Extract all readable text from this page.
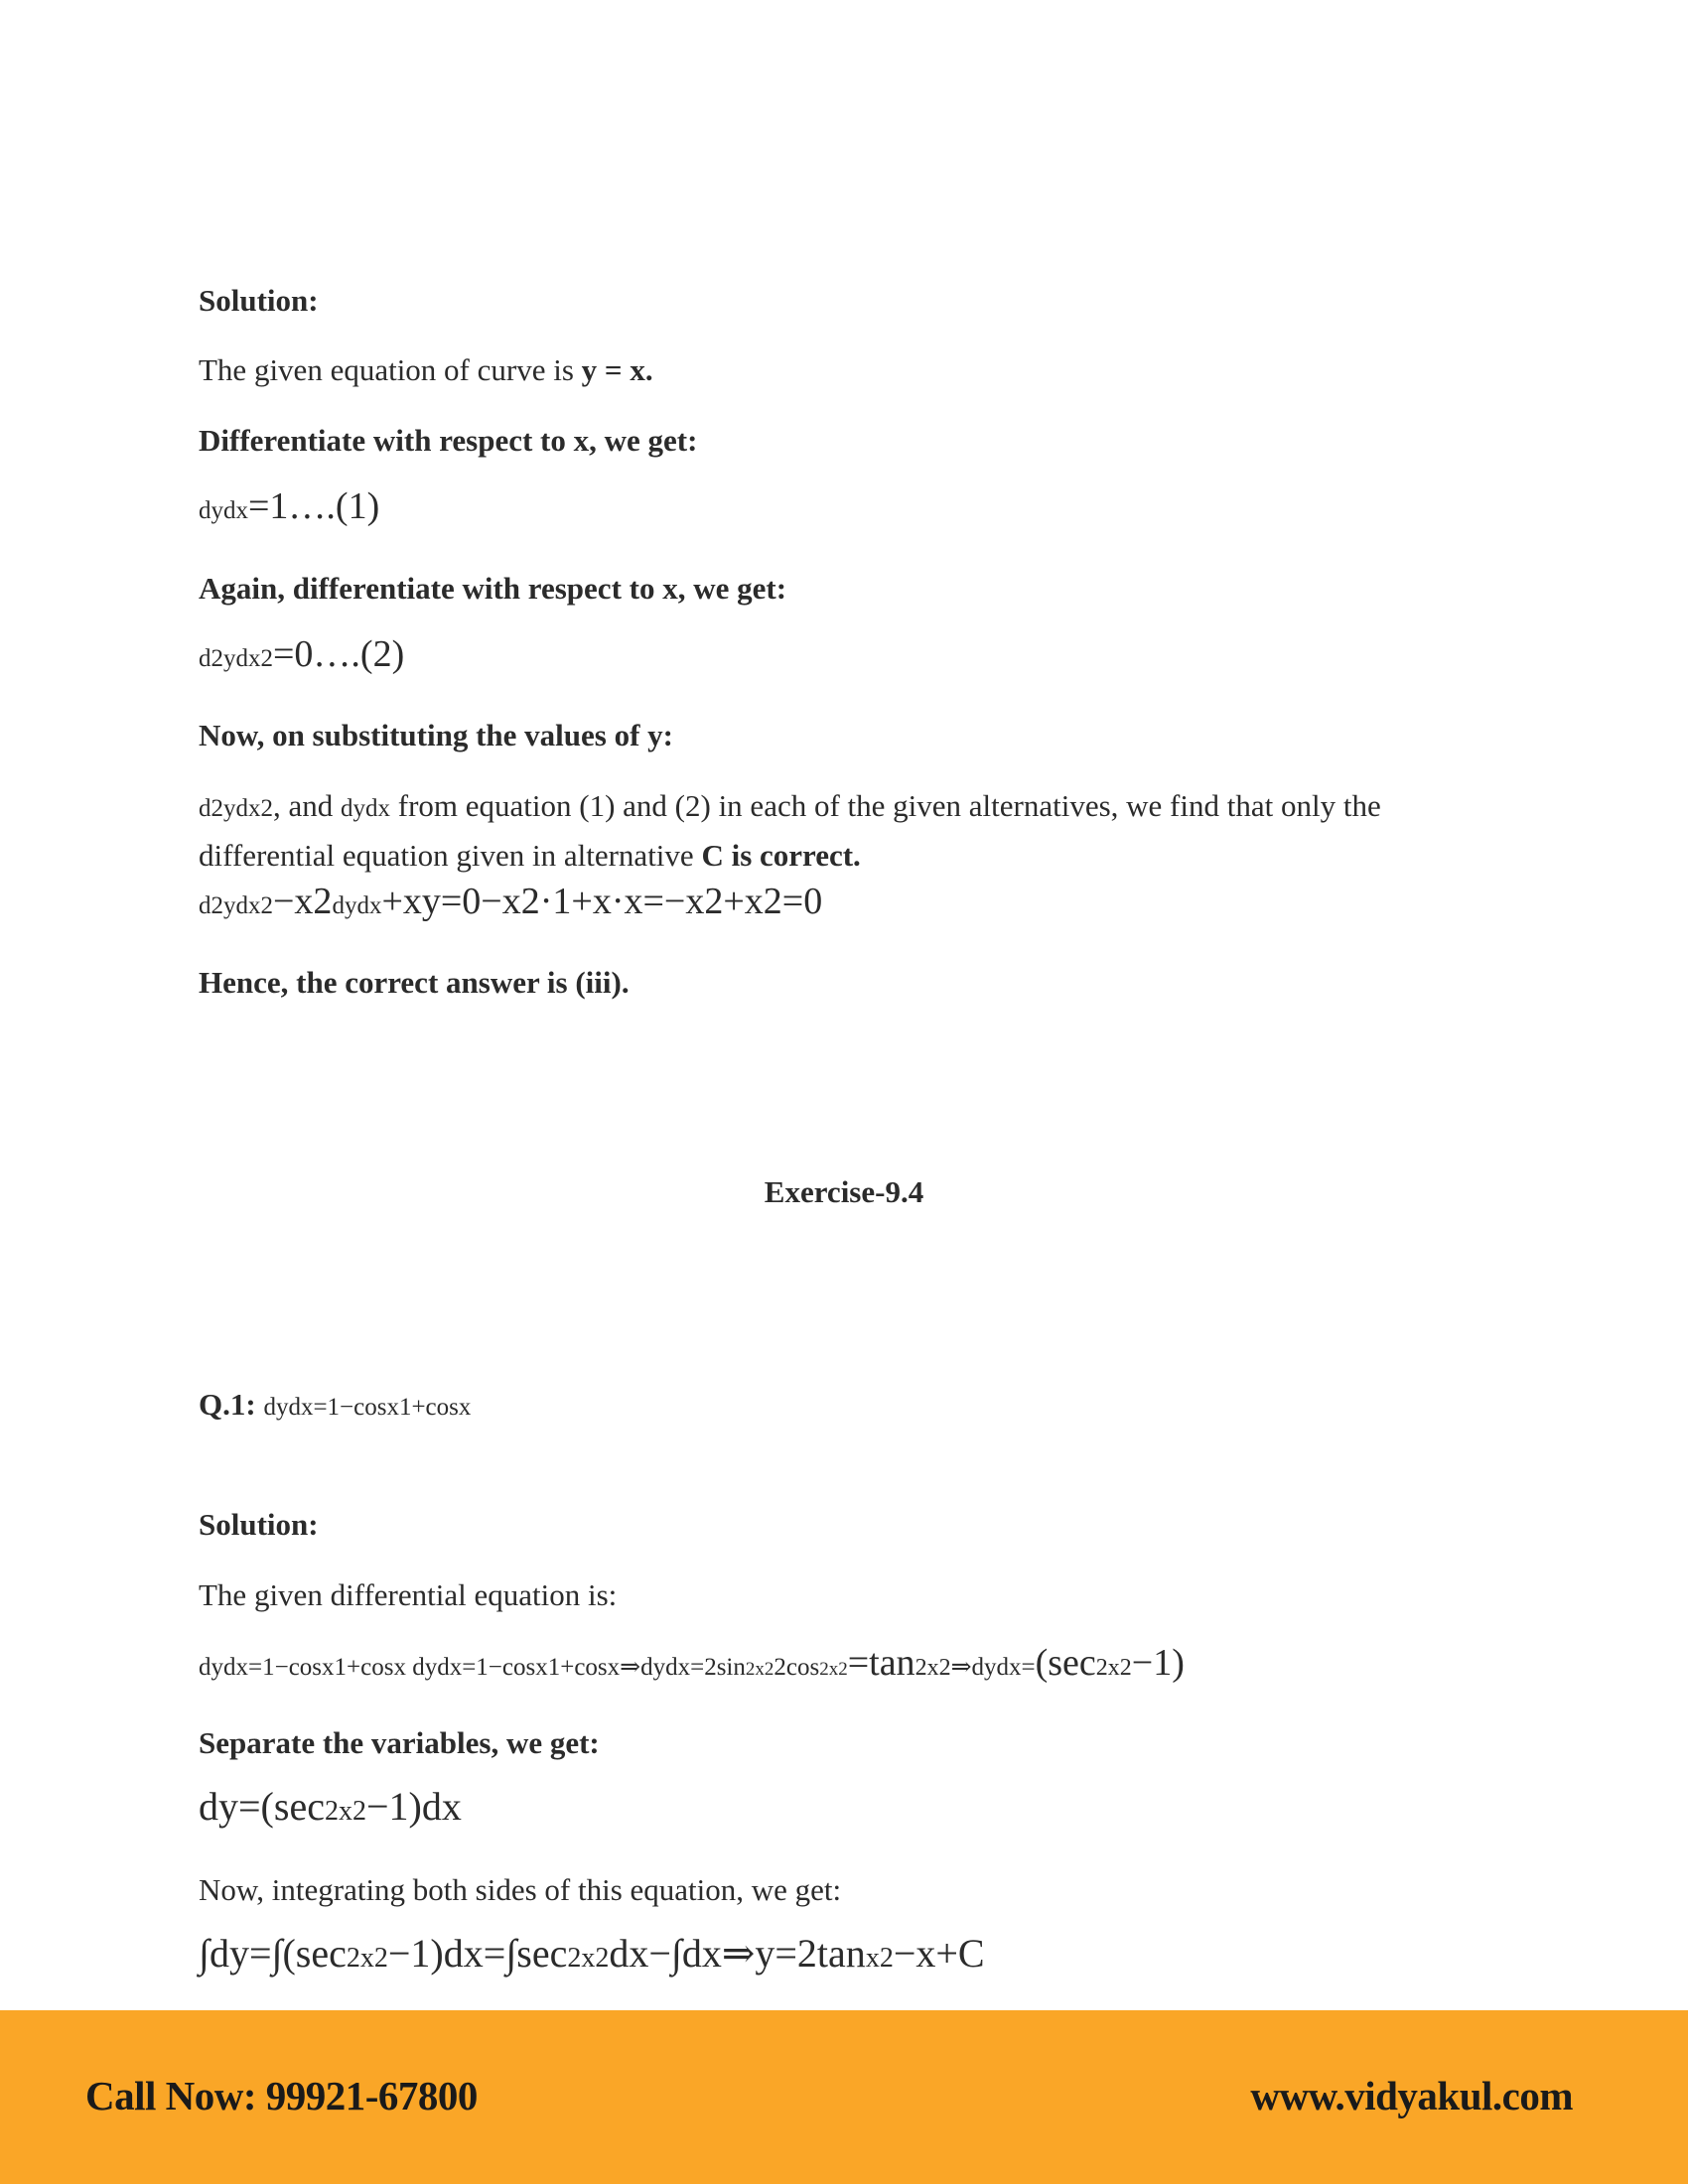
Solution:
The given equation of curve is y = x.
Differentiate with respect to x, we get:
dydx=1….(1)
Again, differentiate with respect to x, we get:
d2ydx2=0….(2)
Now, on substituting the values of y:
d2ydx2, and dydx from equation (1) and (2) in each of the given alternatives, we find that only the
differential equation given in alternative C is correct.
d2ydx2−x2dydx+xy=0−x2·1+x·x=−x2+x2=0
Hence, the correct answer is (iii).
Exercise-9.4
Q.1: dydx=1−cosx1+cosx
Solution:
The given differential equation is:
dydx=1−cosx1+cosx dydx=1−cosx1+cosx⇒dydx=2sin2x22cos2x2=tan2x2⇒dydx=(sec2x2−1)
Separate the variables, we get:
dy=(sec2x2−1)dx
Now, integrating both sides of this equation, we get:
∫dy=∫(sec2x2−1)dx=∫sec2x2dx−∫dx⇒y=2tanx2−x+C
Call Now: 99921-67800	www.vidyakul.com
